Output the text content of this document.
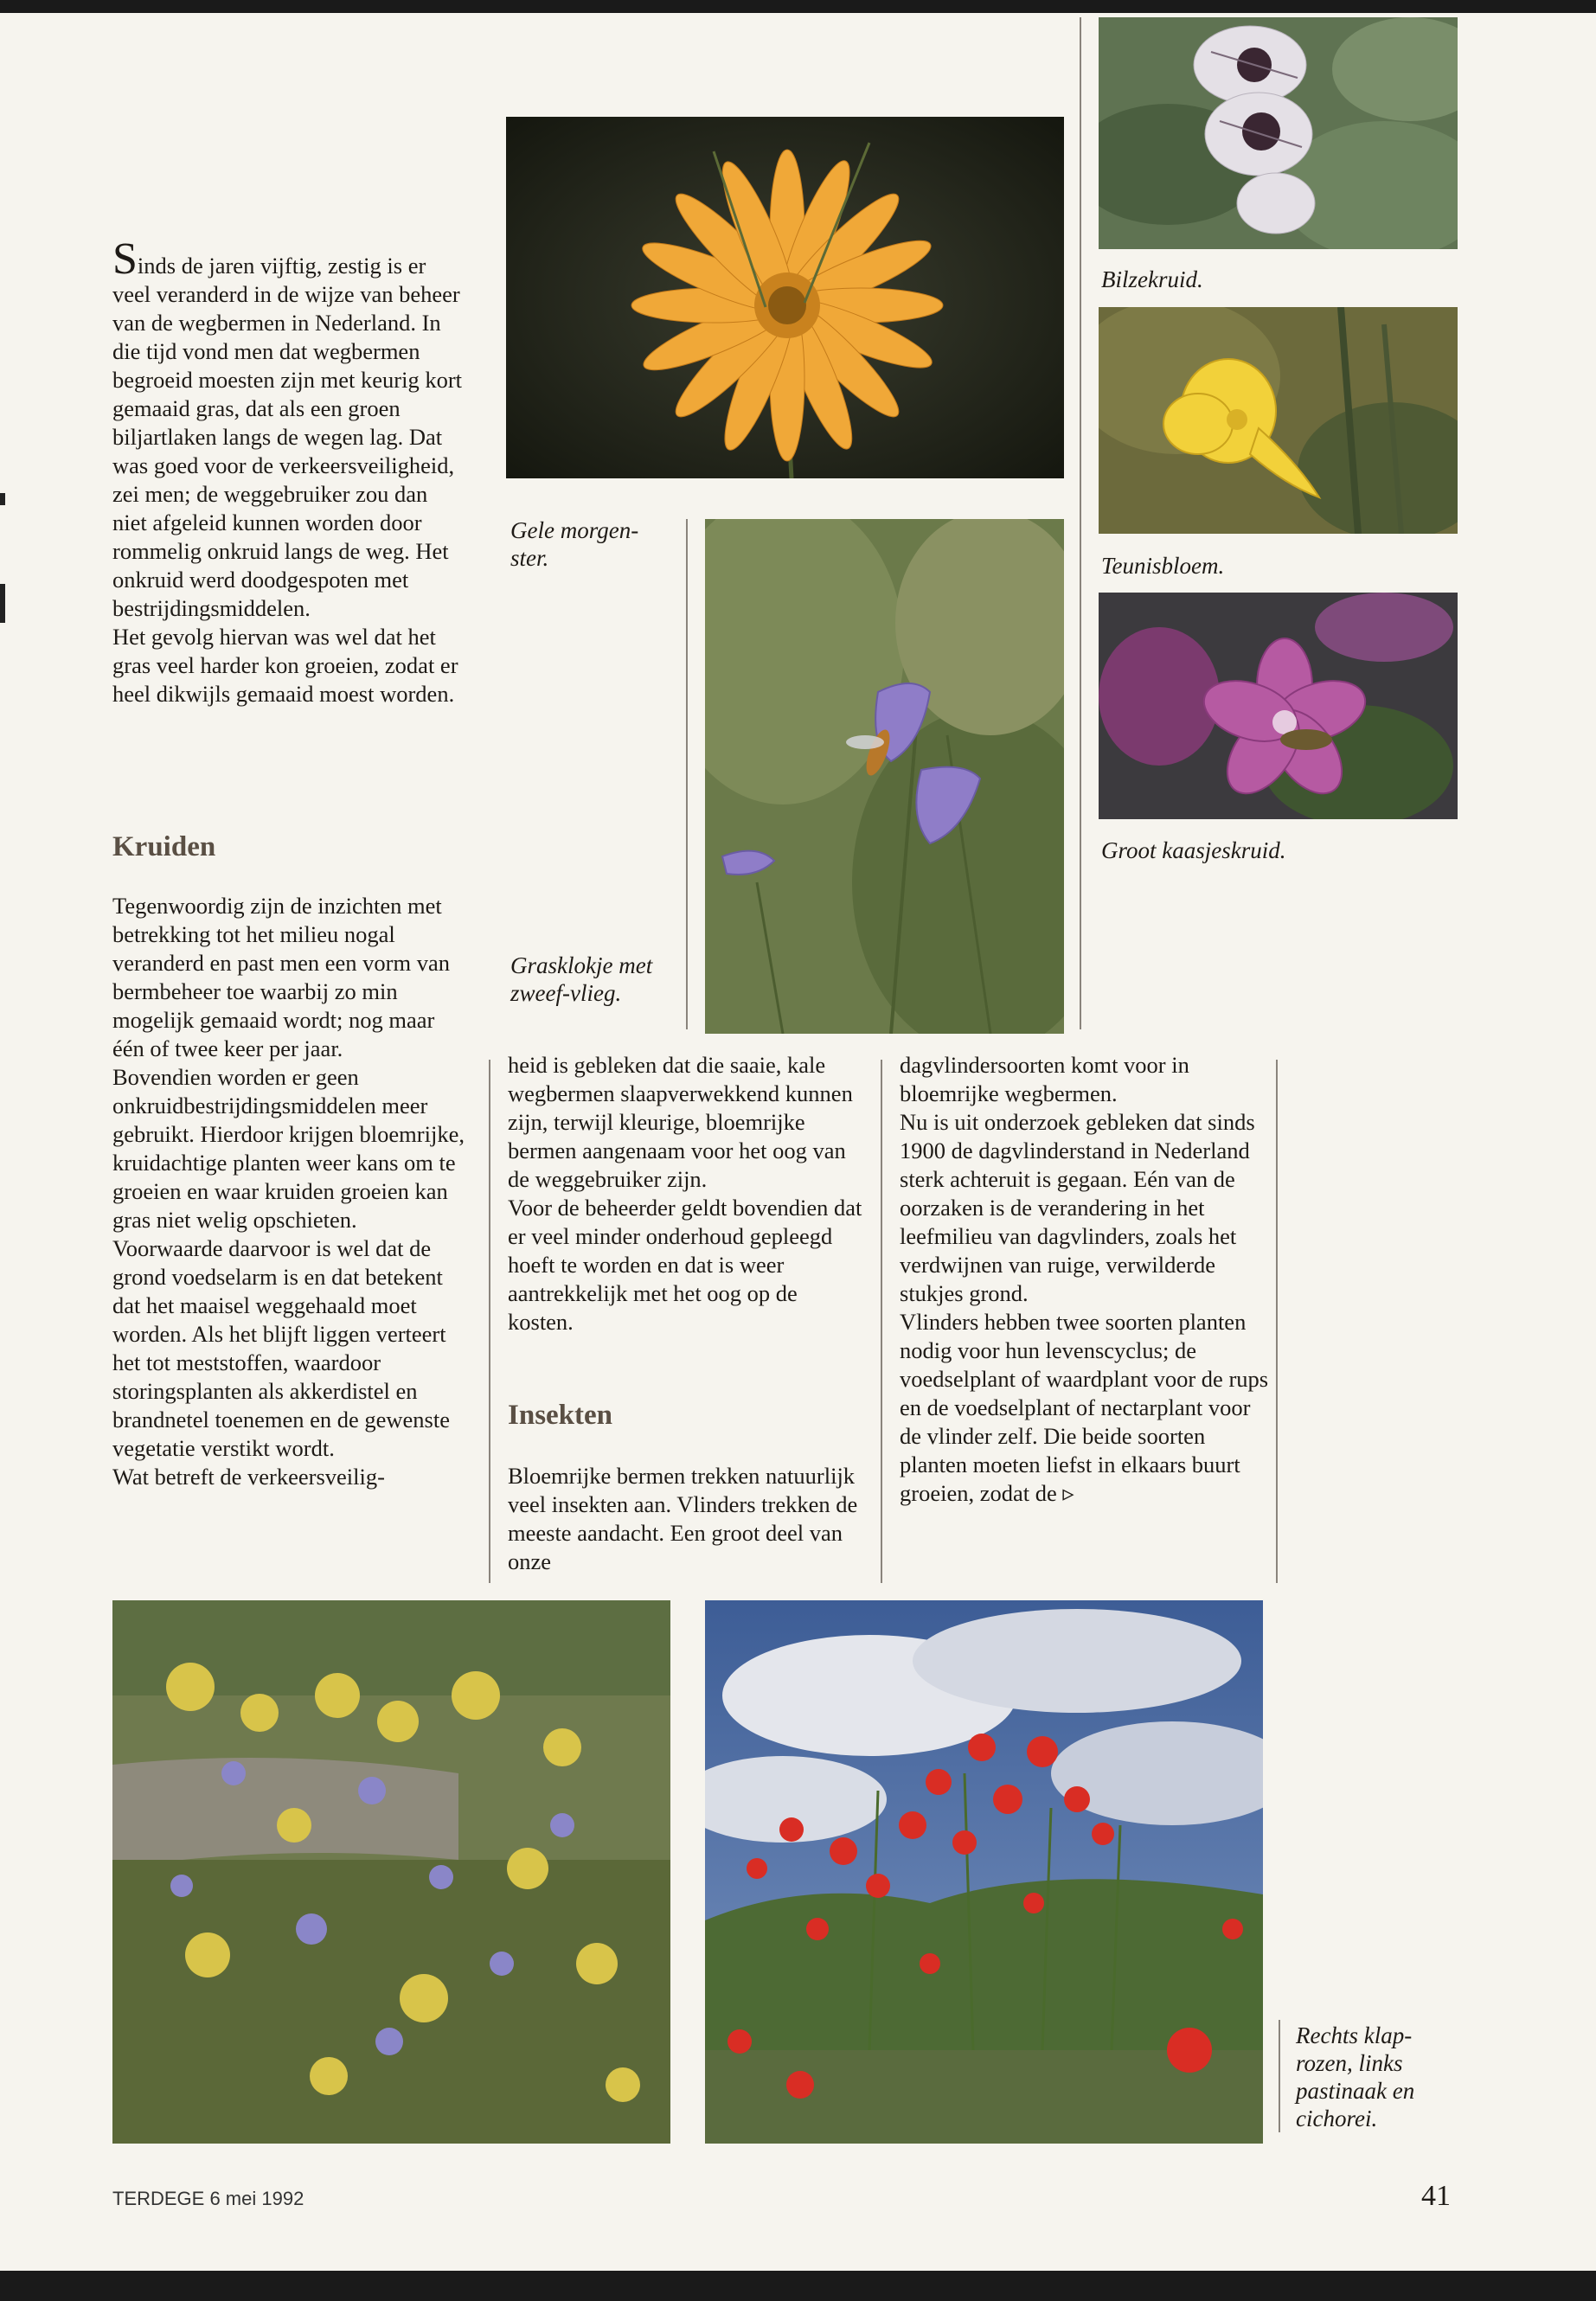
Sinds de jaren vijftig, zestig is er veel veranderd in de wijze van beheer van de wegbermen in Nederland. In die tijd vond men dat wegbermen begroeid moesten zijn met keurig kort gemaaid gras, dat als een groen biljartlaken langs de wegen lag. Dat was goed voor de verkeersveiligheid, zei men; de weggebruiker zou dan niet afgeleid kunnen worden door rommelig onkruid langs de weg. Het onkruid werd doodgespoten met bestrijdingsmiddelen.

Het gevolg hiervan was wel dat het gras veel harder kon groeien, zodat er heel dikwijls gemaaid moest worden.

Kruiden

Tegenwoordig zijn de inzichten met betrekking tot het milieu nogal veranderd en past men een vorm van bermbeheer toe waarbij zo min mogelijk gemaaid wordt; nog maar één of twee keer per jaar.

Bovendien worden er geen onkruidbestrijdingsmiddelen meer gebruikt. Hierdoor krijgen bloemrijke, kruidachtige planten weer kans om te groeien en waar kruiden groeien kan gras niet welig opschieten.

Voorwaarde daarvoor is wel dat de grond voedselarm is en dat betekent dat het maaisel weggehaald moet worden. Als het blijft liggen verteert het tot meststoffen, waardoor storingsplanten als akkerdistel en brandnetel toenemen en de gewenste vegetatie verstikt wordt.

Wat betreft de verkeersveilig-

heid is gebleken dat die saaie, kale wegbermen slaapverwekkend kunnen zijn, terwijl kleurige, bloemrijke bermen aangenaam voor het oog van de weggebruiker zijn.

Voor de beheerder geldt bovendien dat er veel minder onderhoud gepleegd hoeft te worden en dat is weer aantrekkelijk met het oog op de kosten.

Insekten

Bloemrijke bermen trekken natuurlijk veel insekten aan. Vlinders trekken de meeste aandacht. Een groot deel van onze

dagvlindersoorten komt voor in bloemrijke wegbermen.

Nu is uit onderzoek gebleken dat sinds 1900 de dagvlinderstand in Nederland sterk achteruit is gegaan. Eén van de oorzaken is de verandering in het leefmilieu van dagvlinders, zoals het verdwijnen van ruige, verwilderde stukjes grond.

Vlinders hebben twee soorten planten nodig voor hun levenscyclus; de voedselplant of waardplant voor de rups en de voedselplant of nectarplant voor de vlinder zelf. Die beide soorten planten moeten liefst in elkaars buurt groeien, zodat de ▹

Gele morgen-ster.
Grasklokje met zweef-vlieg.
Bilzekruid.
Teunisbloem.
Groot kaasjeskruid.
Rechts klap-rozen, links pastinaak en cichorei.
TERDEGE 6 mei 1992	41
